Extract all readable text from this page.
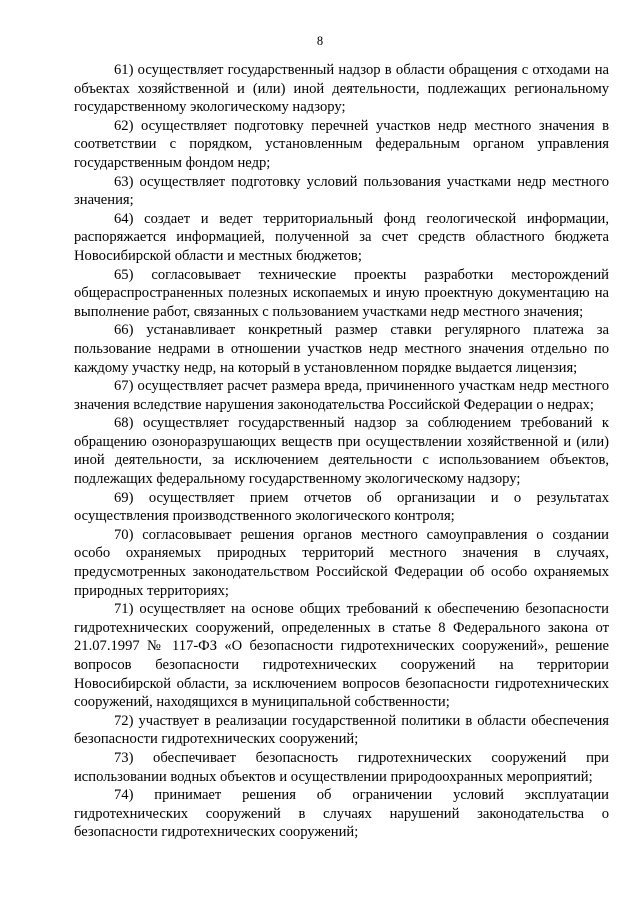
8

61) осуществляет государственный надзор в области обращения с отходами на объектах хозяйственной и (или) иной деятельности, подлежащих региональному государственному экологическому надзору;

62) осуществляет подготовку перечней участков недр местного значения в соответствии с порядком, установленным федеральным органом управления государственным фондом недр;

63) осуществляет подготовку условий пользования участками недр местного значения;

64) создает и ведет территориальный фонд геологической информации, распоряжается информацией, полученной за счет средств областного бюджета Новосибирской области и местных бюджетов;

65) согласовывает технические проекты разработки месторождений общераспространенных полезных ископаемых и иную проектную документацию на выполнение работ, связанных с пользованием участками недр местного значения;

66) устанавливает конкретный размер ставки регулярного платежа за пользование недрами в отношении участков недр местного значения отдельно по каждому участку недр, на который в установленном порядке выдается лицензия;

67) осуществляет расчет размера вреда, причиненного участкам недр местного значения вследствие нарушения законодательства Российской Федерации о недрах;

68) осуществляет государственный надзор за соблюдением требований к обращению озоноразрушающих веществ при осуществлении хозяйственной и (или) иной деятельности, за исключением деятельности с использованием объектов, подлежащих федеральному государственному экологическому надзору;

69) осуществляет прием отчетов об организации и о результатах осуществления производственного экологического контроля;

70) согласовывает решения органов местного самоуправления о создании особо охраняемых природных территорий местного значения в случаях, предусмотренных законодательством Российской Федерации об особо охраняемых природных территориях;

71) осуществляет на основе общих требований к обеспечению безопасности гидротехнических сооружений, определенных в статье 8 Федерального закона от 21.07.1997 № 117-ФЗ «О безопасности гидротехнических сооружений», решение вопросов безопасности гидротехнических сооружений на территории Новосибирской области, за исключением вопросов безопасности гидротехнических сооружений, находящихся в муниципальной собственности;

72) участвует в реализации государственной политики в области обеспечения безопасности гидротехнических сооружений;

73) обеспечивает безопасность гидротехнических сооружений при использовании водных объектов и осуществлении природоохранных мероприятий;

74) принимает решения об ограничении условий эксплуатации гидротехнических сооружений в случаях нарушений законодательства о безопасности гидротехнических сооружений;
